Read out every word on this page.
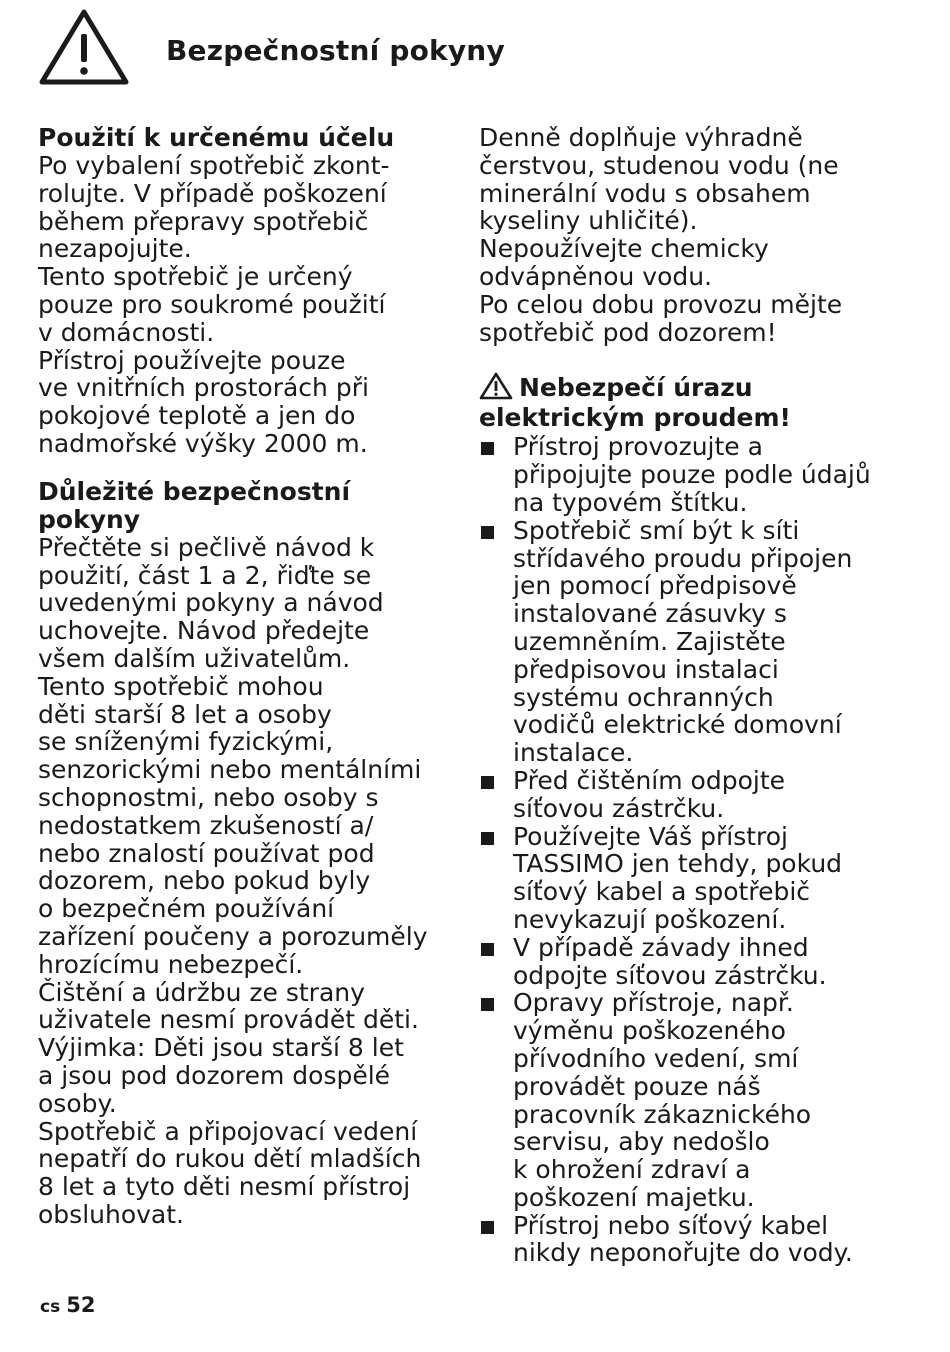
Bezpečnostní pokyny
Použití k určenému účelu
Po vybalení spotřebič zkont-
rolujte. V případě poškození
během přepravy spotřebič
nezapojujte.
Tento spotřebič je určený
pouze pro soukromé použití
v domácnosti.
Přístroj používejte pouze
ve vnitřních prostorách při
pokojové teplotě a jen do
nadmořské výšky 2000 m.
Důležité bezpečnostní pokyny
Přečtěte si pečlivě návod k
použití, část 1 a 2, řiďte se
uvedenými pokyny a návod
uchovejte. Návod předejte
všem dalším uživatelům.
Tento spotřebič mohou
děti starší 8 let a osoby
se sníženými fyzickými,
senzorickými nebo mentálními
schopnostmi, nebo osoby s
nedostatkem zkušeností a/
nebo znalostí používat pod
dozorem, nebo pokud byly
o bezpečném používání
zařízení poučeny a porozuměly
hrozícímu nebezpečí.
Čištění a údržbu ze strany
uživatele nesmí provádět děti.
Výjimka: Děti jsou starší 8 let
a jsou pod dozorem dospělé
osoby.
Spotřebič a připojovací vedení
nepatří do rukou dětí mladších
8 let a tyto děti nesmí přístroj
obsluhovat.
Denně doplňuje výhradně
čerstvou, studenou vodu (ne
minerální vodu s obsahem
kyseliny uhličité).
Nepoužívejte chemicky
odvápněnou vodu.
Po celou dobu provozu mějte
spotřebič pod dozorem!
Nebezpečí úrazu
elektrickým proudem!
Přístroj provozujte a
připojujte pouze podle údajů
na typovém štítku.
Spotřebič smí být k síti
střídavého proudu připojen
jen pomocí předpisově
instalované zásuvky s
uzemněním. Zajistěte
předpisovou instalaci
systému ochranných
vodičů elektrické domovní
instalace.
Před čištěním odpojte
síťovou zástrčku.
Používejte Váš přístroj
TASSIMO jen tehdy, pokud
síťový kabel a spotřebič
nevykazují poškození.
V případě závady ihned
odpojte síťovou zástrčku.
Opravy přístroje, např.
výměnu poškozeného
přívodního vedení, smí
provádět pouze náš
pracovník zákaznického
servisu, aby nedošlo
k ohrožení zdraví a
poškození majetku.
Přístroj nebo síťový kabel
nikdy neponořujte do vody.
cs 52
